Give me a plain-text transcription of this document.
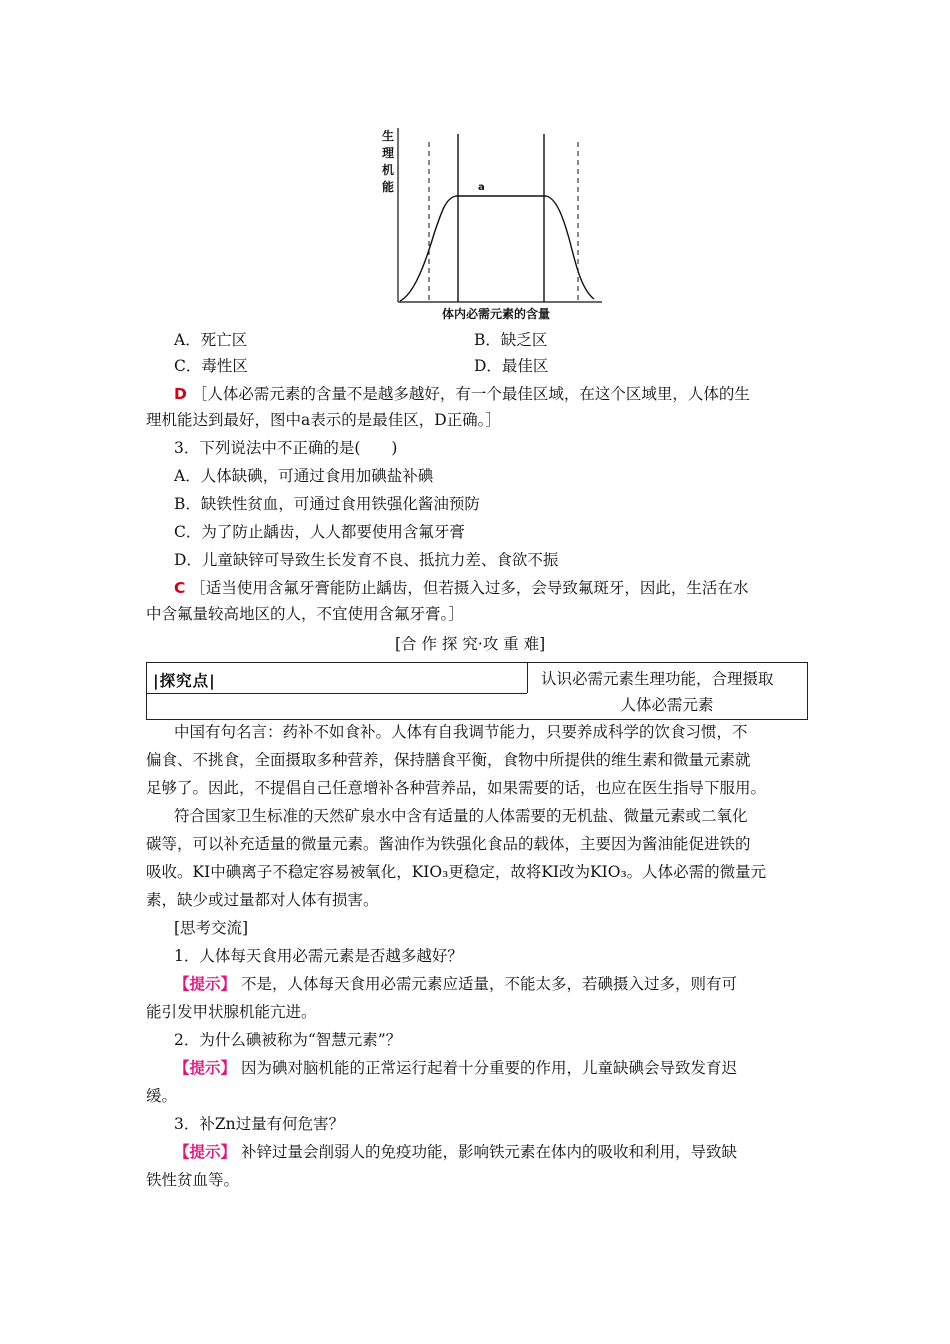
生
理
机
能	a
体内必需元素的含量
A．死亡区	B．缺乏区
C．毒性区	D．最佳区
D ［人体必需元素的含量不是越多越好，有一个最佳区域，在这个区域里，人体的生
理机能达到最好，图中a表示的是最佳区，D正确。］
3．下列说法中不正确的是(　　)
A．人体缺碘，可通过食用加碘盐补碘
B．缺铁性贫血，可通过食用铁强化酱油预防
C．为了防止龋齿，人人都要使用含氟牙膏
D．儿童缺锌可导致生长发育不良、抵抗力差、食欲不振
C ［适当使用含氟牙膏能防止龋齿，但若摄入过多，会导致氟斑牙，因此，生活在水
中含氟量较高地区的人，不宜使用含氟牙膏。］
[合 作 探 究·攻 重 难]
|探究点|	认识必需元素生理功能，合理摄取
人体必需元素
中国有句名言：药补不如食补。人体有自我调节能力，只要养成科学的饮食习惯，不
偏食、不挑食，全面摄取多种营养，保持膳食平衡，食物中所提供的维生素和微量元素就
足够了。因此，不提倡自己任意增补各种营养品，如果需要的话，也应在医生指导下服用。
符合国家卫生标准的天然矿泉水中含有适量的人体需要的无机盐、微量元素或二氧化
碳等，可以补充适量的微量元素。酱油作为铁强化食品的载体，主要因为酱油能促进铁的
吸收。KI中碘离子不稳定容易被氧化，KIO₃更稳定，故将KI改为KIO₃。人体必需的微量元
素，缺少或过量都对人体有损害。
[思考交流]
1．人体每天食用必需元素是否越多越好？
【提示】 不是，人体每天食用必需元素应适量，不能太多，若碘摄入过多，则有可
能引发甲状腺机能亢进。
2．为什么碘被称为“智慧元素”？
【提示】 因为碘对脑机能的正常运行起着十分重要的作用，儿童缺碘会导致发育迟
缓。
3．补Zn过量有何危害？
【提示】 补锌过量会削弱人的免疫功能，影响铁元素在体内的吸收和利用，导致缺
铁性贫血等。
